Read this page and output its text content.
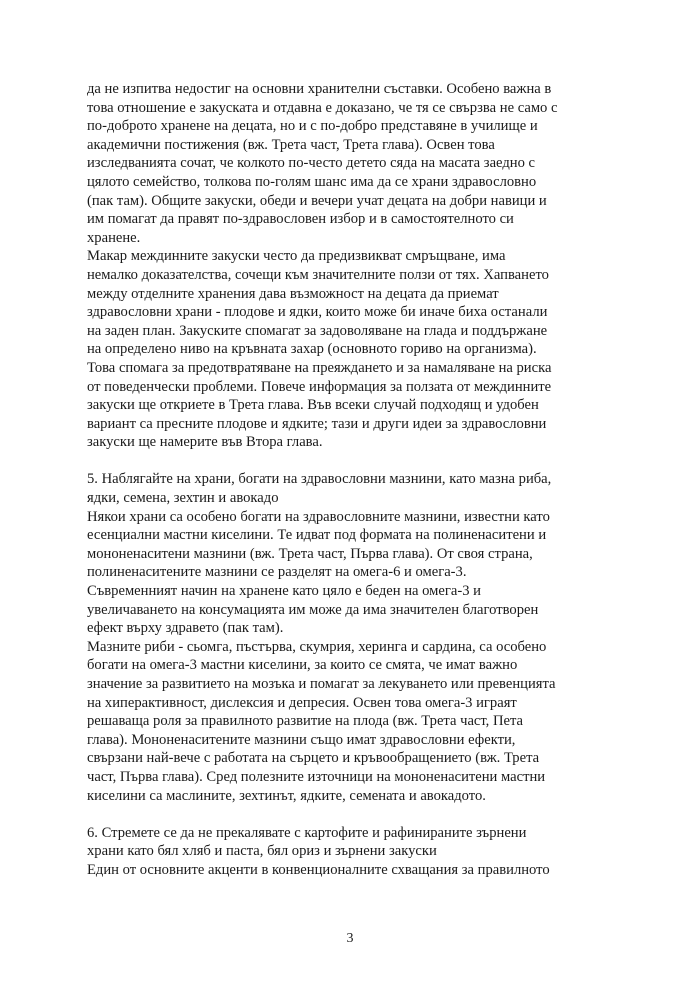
да не изпитва недостиг на основни хранителни съставки. Особено важна в
това отношение е закуската и отдавна е доказано, че тя се свързва не само с
по-доброто хранене на децата, но и с по-добро представяне в училище и
академични постижения (вж. Трета част, Трета глава). Освен това
изследванията сочат, че колкото по-често детето сяда на масата заедно с
цялото семейство, толкова по-голям шанс има да се храни здравословно
(пак там). Общите закуски, обеди и вечери учат децата на добри навици и
им помагат да правят по-здравословен избор и в самостоятелното си
хранене.
Макар междинните закуски често да предизвикват смръщване, има
немалко доказателства, сочещи към значителните ползи от тях. Хапването
между отделните хранения дава възможност на децата да приемат
здравословни храни - плодове и ядки, които може би иначе биха останали
на заден план. Закуските спомагат за задоволяване на глада и поддържане
на определено ниво на кръвната захар (основното гориво на организма).
Това спомага за предотвратяване на преяждането и за намаляване на риска
от поведенчески проблеми. Повече информация за ползата от междинните
закуски ще откриете в Трета глава. Във всеки случай подходящ и удобен
вариант са пресните плодове и ядките; тази и други идеи за здравословни
закуски ще намерите във Втора глава.
5. Наблягайте на храни, богати на здравословни мазнини, като мазна риба,
ядки, семена, зехтин и авокадо
Някои храни са особено богати на здравословните мазнини, известни като
есенциални мастни киселини. Те идват под формата на полиненаситени и
мононенаситени мазнини (вж. Трета част, Първа глава). От своя страна,
полиненаситените мазнини се разделят на омега-6 и омега-3.
Съвременният начин на хранене като цяло е беден на омега-3 и
увеличаването на консумацията им може да има значителен благотворен
ефект върху здравето (пак там).
Мазните риби - сьомга, пъстърва, скумрия, херинга и сардина, са особено
богати на омега-3 мастни киселини, за които се смята, че имат важно
значение за развитието на мозъка и помагат за лекуването или превенцията
на хиперактивност, дислексия и депресия. Освен това омега-3 играят
решаваща роля за правилното развитие на плода (вж. Трета част, Пета
глава). Мононенаситените мазнини също имат здравословни ефекти,
свързани най-вече с работата на сърцето и кръвообращението (вж. Трета
част, Първа глава). Сред полезните източници на мононенаситени мастни
киселини са маслините, зехтинът, ядките, семената и авокадото.
6. Стремете се да не прекалявате с картофите и рафинираните зърнени
храни като бял хляб и паста, бял ориз и зърнени закуски
Един от основните акценти в конвенционалните схващания за правилното
3
